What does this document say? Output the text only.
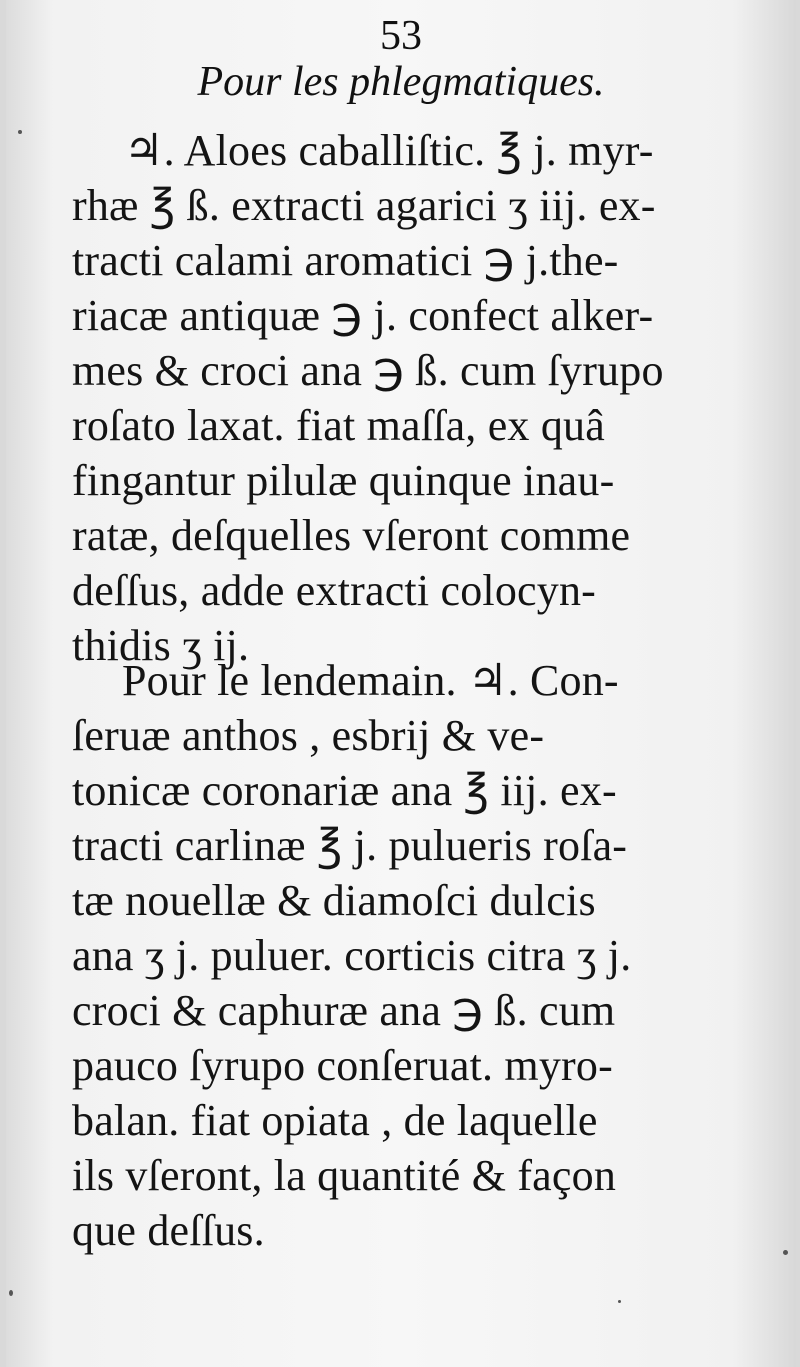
53
Pour les phlegmatiques.
♃. Aloes caballiſtic. ℥ j. myr-
rhæ ℥ ß. extracti agarici ʒ iij. ex-
tracti calami aromatici ℈ j.the-
riacæ antiquæ ℈ j. confect alker-
mes & croci ana ℈ ß. cum ſyrupo
roſato laxat. fiat maſſa, ex quâ
fingantur pilulæ quinque inau-
ratæ, deſquelles vſeront comme
deſſus, adde extracti colocyn-
thidis ʒ ij.
Pour le lendemain. ♃. Con-
ſeruæ anthos , esbrij & ve-
tonicæ coronariæ ana ℥ iij. ex-
tracti carlinæ ℥ j. pulueris roſa-
tæ nouellæ & diamoſci dulcis
ana ʒ j. puluer. corticis citra ʒ j.
croci & caphuræ ana ℈ ß. cum
pauco ſyrupo conſeruat. myro-
balan. fiat opiata , de laquelle
ils vſeront, la quantité & façon
que deſſus.
